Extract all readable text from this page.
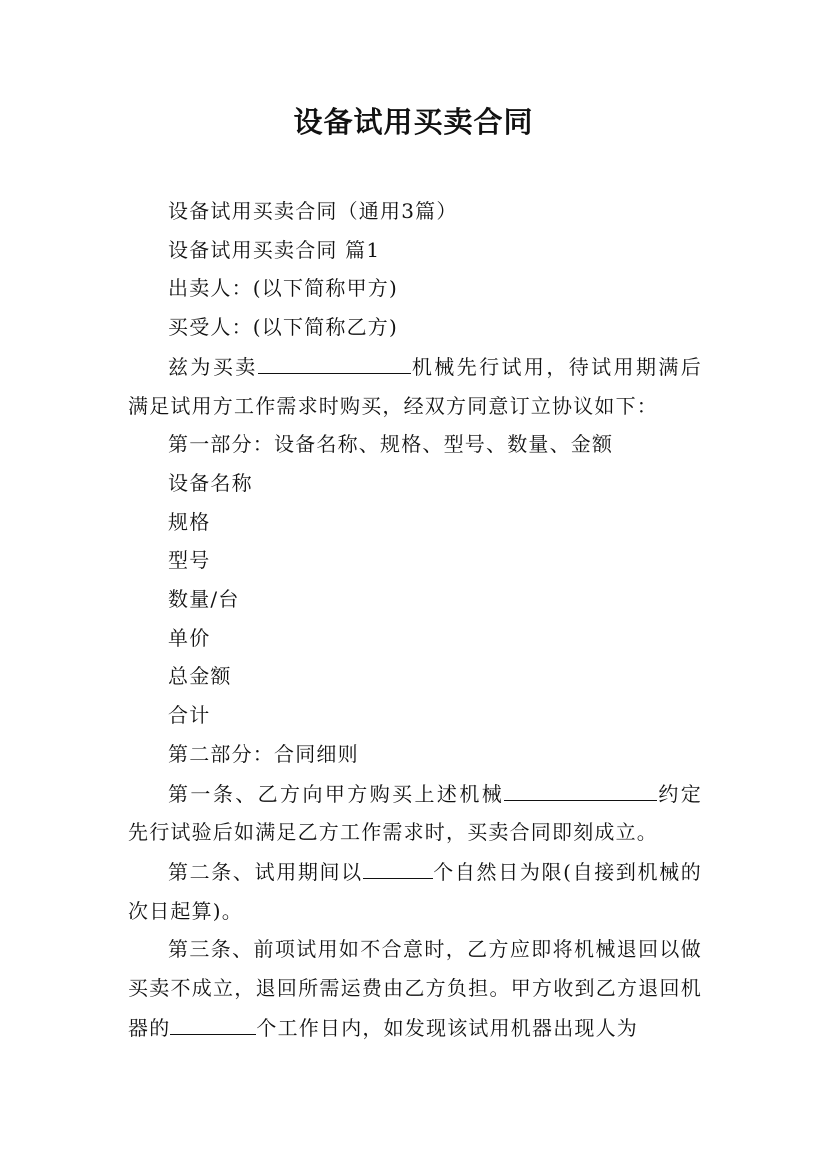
设备试用买卖合同

设备试用买卖合同（通用3篇）

设备试用买卖合同 篇1

出卖人：(以下简称甲方)

买受人：(以下简称乙方)

兹为买卖	机械先行试用，待试用期满后满足试用方工作需求时购买，经双方同意订立协议如下：

第一部分：设备名称、规格、型号、数量、金额

设备名称

规格

型号

数量/台

单价

总金额

合计

第二部分：合同细则

第一条、乙方向甲方购买上述机械	约定先行试验后如满足乙方工作需求时，买卖合同即刻成立。

第二条、试用期间以	个自然日为限(自接到机械的次日起算)。

第三条、前项试用如不合意时，乙方应即将机械退回以做买卖不成立，退回所需运费由乙方负担。甲方收到乙方退回机器的	个工作日内，如发现该试用机器出现人为
